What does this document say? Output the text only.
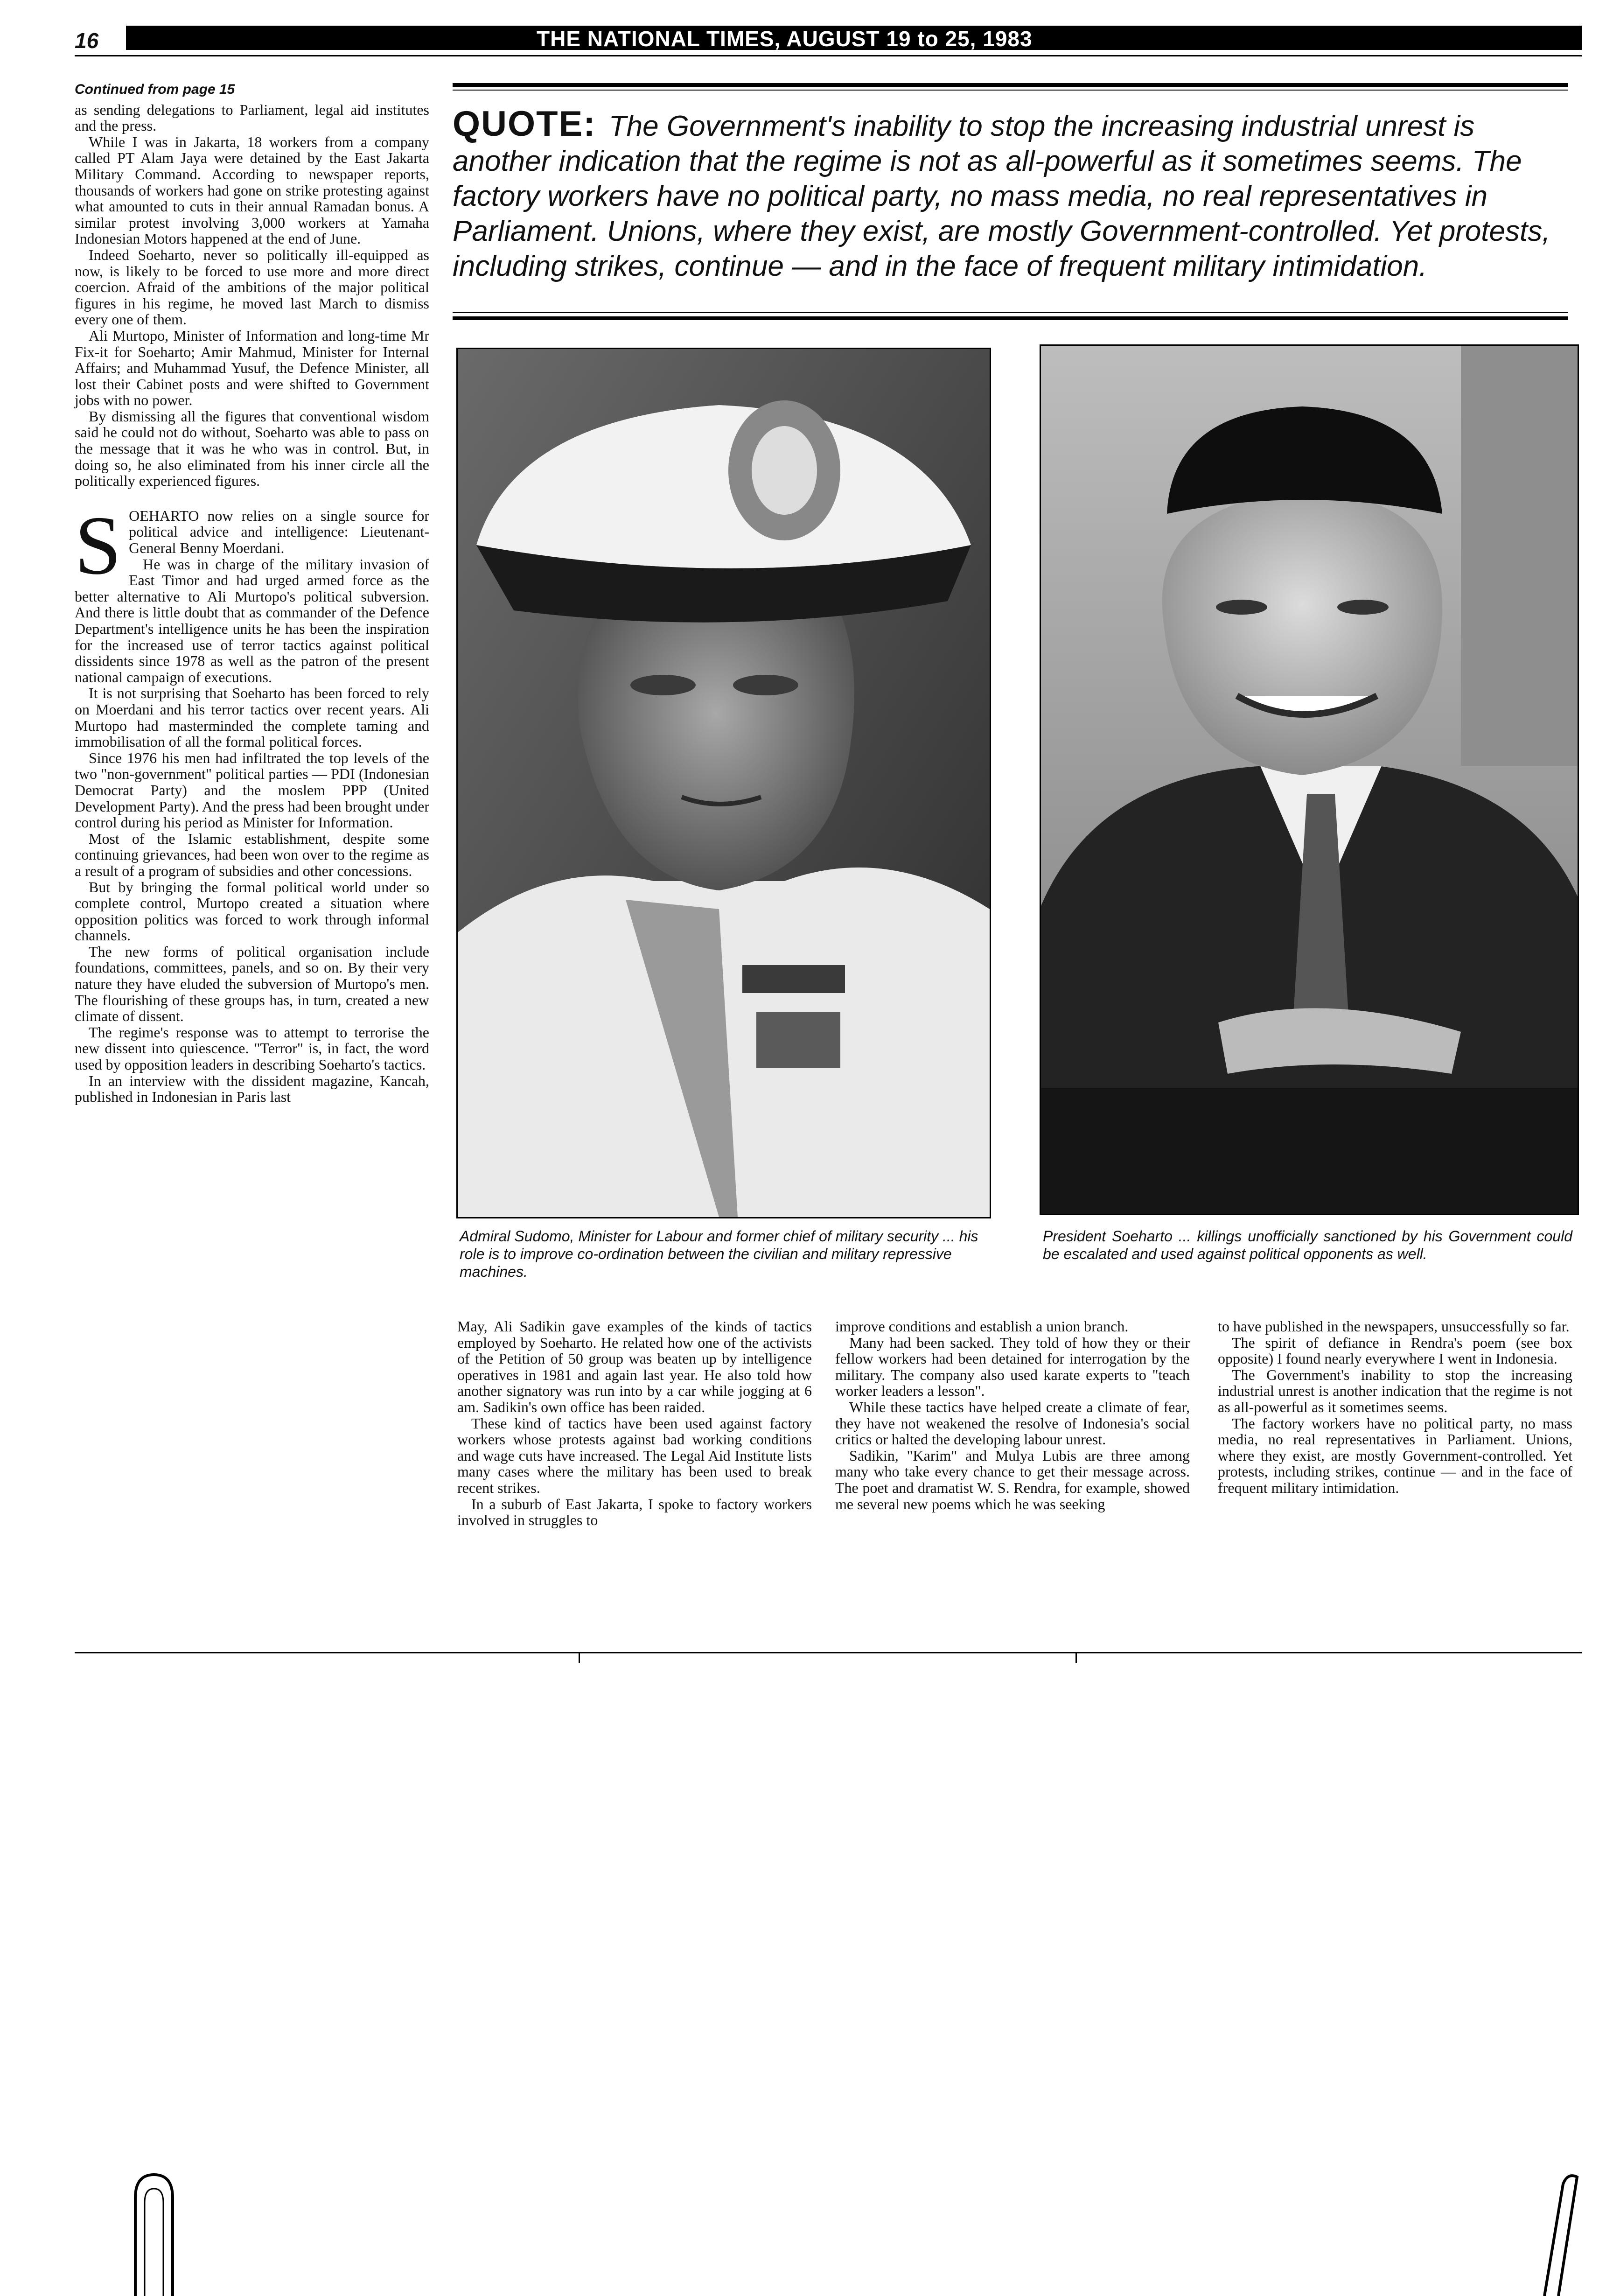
16	THE NATIONAL TIMES, AUGUST 19 to 25, 1983

Continued from page 15

as sending delegations to Parliament, legal aid institutes and the press.

While I was in Jakarta, 18 workers from a company called PT Alam Jaya were detained by the East Jakarta Military Command. According to newspaper reports, thousands of workers had gone on strike protesting against what amounted to cuts in their annual Ramadan bonus. A similar protest involving 3,000 workers at Yamaha Indonesian Motors happened at the end of June.

Indeed Soeharto, never so politically ill-equipped as now, is likely to be forced to use more and more direct coercion. Afraid of the ambitions of the major political figures in his regime, he moved last March to dismiss every one of them.

Ali Murtopo, Minister of Information and long-time Mr Fix-it for Soeharto; Amir Mahmud, Minister for Internal Affairs; and Muhammad Yusuf, the Defence Minister, all lost their Cabinet posts and were shifted to Government jobs with no power.

By dismissing all the figures that conventional wisdom said he could not do without, Soeharto was able to pass on the message that it was he who was in control. But, in doing so, he also eliminated from his inner circle all the politically experienced figures.

SOEHARTO now relies on a single source for political advice and intelligence: Lieutenant-General Benny Moerdani.

He was in charge of the military invasion of East Timor and had urged armed force as the better alternative to Ali Murtopo's political subversion. And there is little doubt that as commander of the Defence Department's intelligence units he has been the inspiration for the increased use of terror tactics against political dissidents since 1978 as well as the patron of the present national campaign of executions.

It is not surprising that Soeharto has been forced to rely on Moerdani and his terror tactics over recent years. Ali Murtopo had masterminded the complete taming and immobilisation of all the formal political forces.

Since 1976 his men had infiltrated the top levels of the two "non-government" political parties — PDI (Indonesian Democrat Party) and the moslem PPP (United Development Party). And the press had been brought under control during his period as Minister for Information.

Most of the Islamic establishment, despite some continuing grievances, had been won over to the regime as a result of a program of subsidies and other concessions.

But by bringing the formal political world under so complete control, Murtopo created a situation where opposition politics was forced to work through informal channels.

The new forms of political organisation include foundations, committees, panels, and so on. By their very nature they have eluded the subversion of Murtopo's men. The flourishing of these groups has, in turn, created a new climate of dissent.

The regime's response was to attempt to terrorise the new dissent into quiescence. "Terror" is, in fact, the word used by opposition leaders in describing Soeharto's tactics.

In an interview with the dissident magazine, Kancah, published in Indonesian in Paris last

QUOTE: The Government's inability to stop the increasing industrial unrest is another indication that the regime is not as all-powerful as it sometimes seems. The factory workers have no political party, no mass media, no real representatives in Parliament. Unions, where they exist, are mostly Government-controlled. Yet protests, including strikes, continue — and in the face of frequent military intimidation.
Admiral Sudomo, Minister for Labour and former chief of military security ... his role is to improve co-ordination between the civilian and military repressive machines.
President Soeharto ... killings unofficially sanctioned by his Government could be escalated and used against political opponents as well.

May, Ali Sadikin gave examples of the kinds of tactics employed by Soeharto. He related how one of the activists of the Petition of 50 group was beaten up by intelligence operatives in 1981 and again last year. He also told how another signatory was run into by a car while jogging at 6 am. Sadikin's own office has been raided.

These kind of tactics have been used against factory workers whose protests against bad working conditions and wage cuts have increased. The Legal Aid Institute lists many cases where the military has been used to break recent strikes.

In a suburb of East Jakarta, I spoke to factory workers involved in struggles to

improve conditions and establish a union branch.

Many had been sacked. They told of how they or their fellow workers had been detained for interrogation by the military. The company also used karate experts to "teach worker leaders a lesson".

While these tactics have helped create a climate of fear, they have not weakened the resolve of Indonesia's social critics or halted the developing labour unrest.

Sadikin, "Karim" and Mulya Lubis are three among many who take every chance to get their message across. The poet and dramatist W. S. Rendra, for example, showed me several new poems which he was seeking

to have published in the newspapers, unsuccessfully so far.

The spirit of defiance in Rendra's poem (see box opposite) I found nearly everywhere I went in Indonesia.

The Government's inability to stop the increasing industrial unrest is another indication that the regime is not as all-powerful as it sometimes seems.

The factory workers have no political party, no mass media, no real representatives in Parliament. Unions, where they exist, are mostly Government-controlled. Yet protests, including strikes, continue — and in the face of frequent military intimidation.
